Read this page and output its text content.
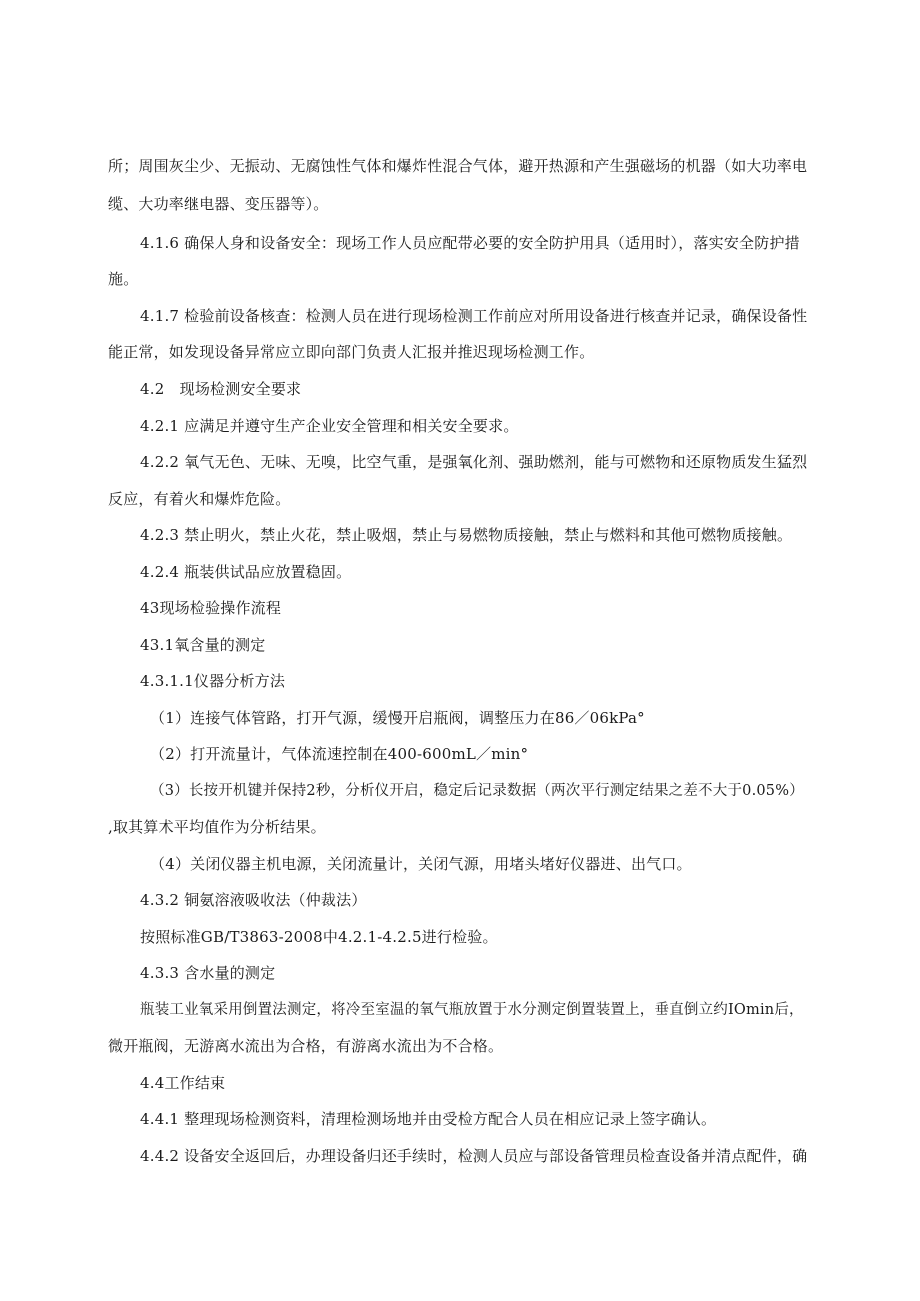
所；周围灰尘少、无振动、无腐蚀性气体和爆炸性混合气体，避开热源和产生强磁场的机器（如大功率电
缆、大功率继电器、变压器等）。
4.1.6 确保人身和设备安全：现场工作人员应配带必要的安全防护用具（适用时），落实安全防护措
施。
4.1.7 检验前设备核查：检测人员在进行现场检测工作前应对所用设备进行核查并记录，确保设备性
能正常，如发现设备异常应立即向部门负责人汇报并推迟现场检测工作。
4.2　现场检测安全要求
4.2.1 应满足并遵守生产企业安全管理和相关安全要求。
4.2.2 氧气无色、无味、无嗅，比空气重，是强氧化剂、强助燃剂，能与可燃物和还原物质发生猛烈
反应，有着火和爆炸危险。
4.2.3 禁止明火，禁止火花，禁止吸烟，禁止与易燃物质接触，禁止与燃料和其他可燃物质接触。
4.2.4 瓶装供试品应放置稳固。
43现场检验操作流程
43.1氧含量的测定
4.3.1.1仪器分析方法
（1）连接气体管路，打开气源，缓慢开启瓶阀，调整压力在86／06kPa°
（2）打开流量计，气体流速控制在400-600mL／min°
（3）长按开机键并保持2秒，分析仪开启，稳定后记录数据（两次平行测定结果之差不大于0.05%）
,取其算术平均值作为分析结果。
（4）关闭仪器主机电源，关闭流量计，关闭气源，用堵头堵好仪器进、出气口。
4.3.2 铜氨溶液吸收法（仲裁法）
按照标准GB/T3863-2008中4.2.1-4.2.5进行检验。
4.3.3 含水量的测定
瓶装工业氧采用倒置法测定，将冷至室温的氧气瓶放置于水分测定倒置装置上，垂直倒立约IOmin后，
微开瓶阀，无游离水流出为合格，有游离水流出为不合格。
4.4工作结束
4.4.1 整理现场检测资料，清理检测场地并由受检方配合人员在相应记录上签字确认。
4.4.2 设备安全返回后，办理设备归还手续时，检测人员应与部设备管理员检查设备并清点配件，确
